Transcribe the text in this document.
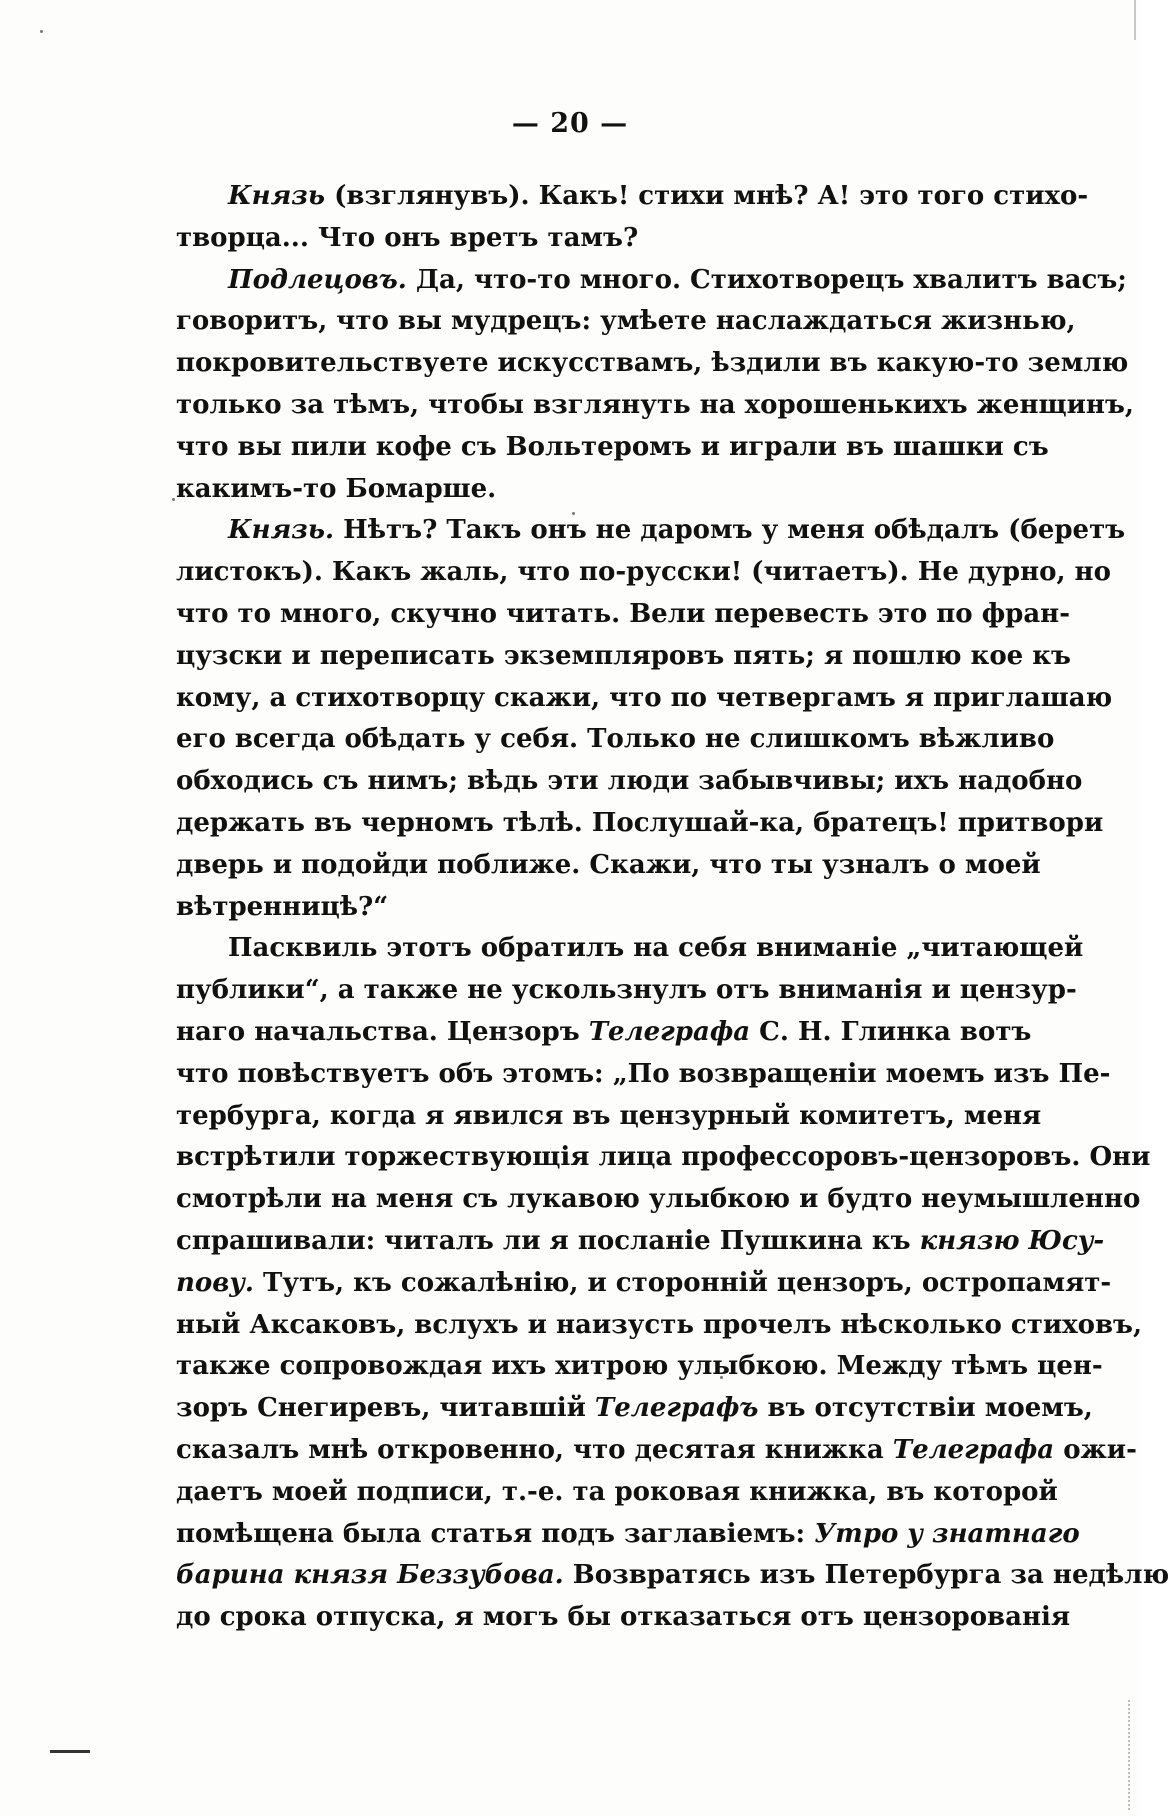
— 20 —
Князь (взглянувъ). Какъ! стихи мнѣ? А! это того стихо-
творца... Что онъ вретъ тамъ?
Подлецовъ. Да, что-то много. Стихотворецъ хвалитъ васъ;
говоритъ, что вы мудрецъ: умѣете наслаждаться жизнью,
покровительствуете искусствамъ, ѣздили въ какую-то землю
только за тѣмъ, чтобы взглянуть на хорошенькихъ женщинъ,
что вы пили кофе съ Вольтеромъ и играли въ шашки съ
какимъ-то Бомарше.
Князь. Нѣтъ? Такъ онъ не даромъ у меня обѣдалъ (беретъ
листокъ). Какъ жаль, что по-русски! (читаетъ). Не дурно, но
что то много, скучно читать. Вели перевесть это по фран-
цузски и переписать экземпляровъ пять; я пошлю кое къ
кому, а стихотворцу скажи, что по четвергамъ я приглашаю
его всегда обѣдать у себя. Только не слишкомъ вѣжливо
обходись съ нимъ; вѣдь эти люди забывчивы; ихъ надобно
держать въ черномъ тѣлѣ. Послушай-ка, братецъ! притвори
дверь и подойди поближе. Скажи, что ты узналъ о моей
вѣтренницѣ?“
Пасквиль этотъ обратилъ на себя вниманіе „читающей
публики“, а также не ускользнулъ отъ вниманія и цензур-
наго начальства. Цензоръ Телеграфа С. Н. Глинка вотъ
что повѣствуетъ объ этомъ: „По возвращеніи моемъ изъ Пе-
тербурга, когда я явился въ цензурный комитетъ, меня
встрѣтили торжествующія лица профессоровъ-цензоровъ. Они
смотрѣли на меня съ лукавою улыбкою и будто неумышленно
спрашивали: читалъ ли я посланіе Пушкина къ князю Юсу-
пову. Тутъ, къ сожалѣнію, и сторонній цензоръ, остропамят-
ный Аксаковъ, вслухъ и наизусть прочелъ нѣсколько стиховъ,
также сопровождая ихъ хитрою улыбкою. Между тѣмъ цен-
зоръ Снегиревъ, читавшій Телеграфъ въ отсутствіи моемъ,
сказалъ мнѣ откровенно, что десятая книжка Телеграфа ожи-
даетъ моей подписи, т.-е. та роковая книжка, въ которой
помѣщена была статья подъ заглавіемъ: Утро у знатнаго
барина князя Беззубова. Возвратясь изъ Петербурга за недѣлю
до срока отпуска, я могъ бы отказаться отъ цензорованія
